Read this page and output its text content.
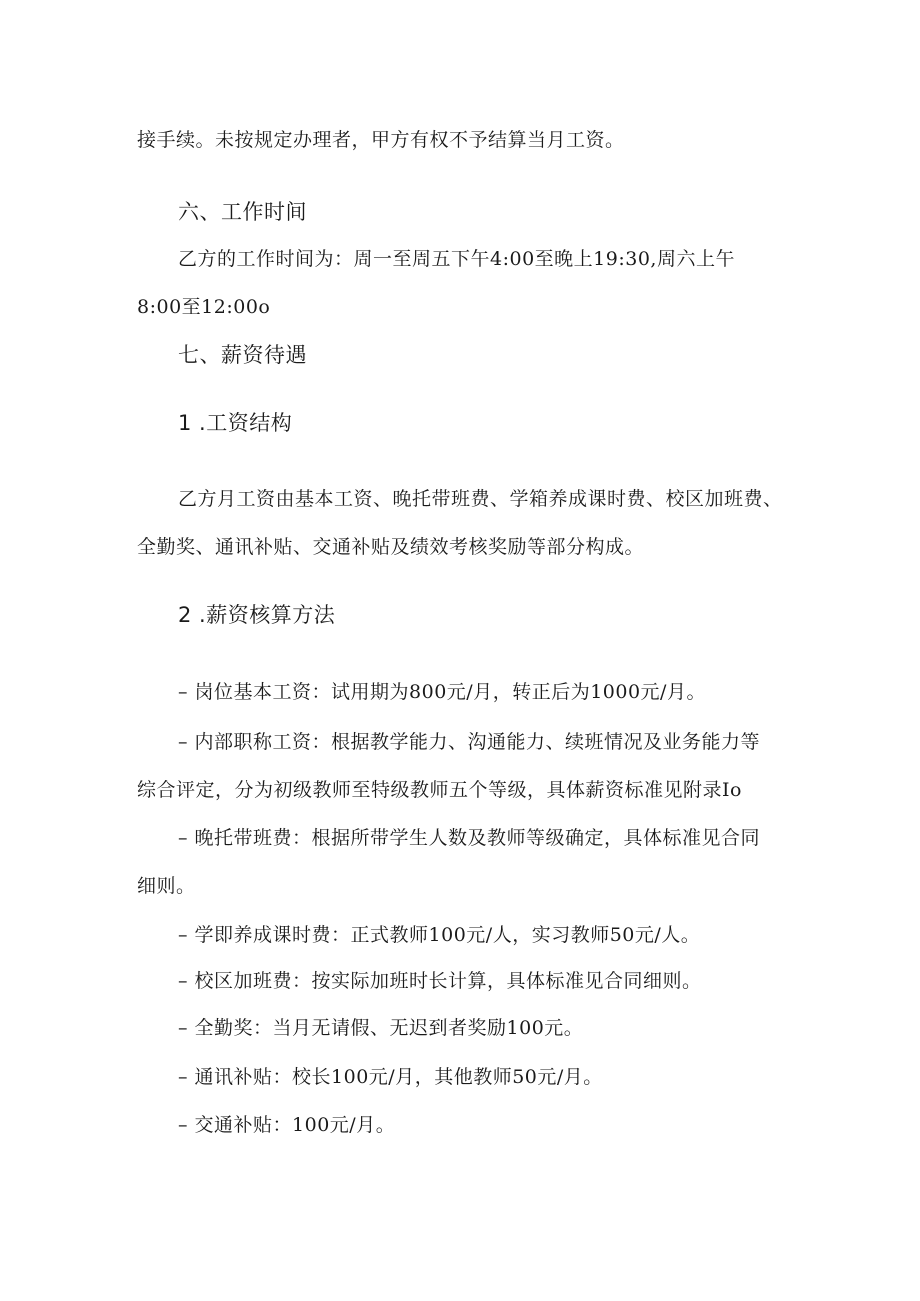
接手续。未按规定办理者，甲方有权不予结算当月工资。
六、工作时间
乙方的工作时间为：周一至周五下午4:00至晚上19:30,周六上午
8:00至12:00o
七、薪资待遇
1 .工资结构
乙方月工资由基本工资、晚托带班费、学箱养成课时费、校区加班费、
全勤奖、通讯补贴、交通补贴及绩效考核奖励等部分构成。
2 .薪资核算方法
– 岗位基本工资：试用期为800元/月，转正后为1000元/月。
– 内部职称工资：根据教学能力、沟通能力、续班情况及业务能力等
综合评定，分为初级教师至特级教师五个等级，具体薪资标准见附录Io
– 晚托带班费：根据所带学生人数及教师等级确定，具体标准见合同
细则。
– 学即养成课时费：正式教师100元/人，实习教师50元/人。
– 校区加班费：按实际加班时长计算，具体标准见合同细则。
– 全勤奖：当月无请假、无迟到者奖励100元。
– 通讯补贴：校长100元/月，其他教师50元/月。
– 交通补贴：100元/月。
